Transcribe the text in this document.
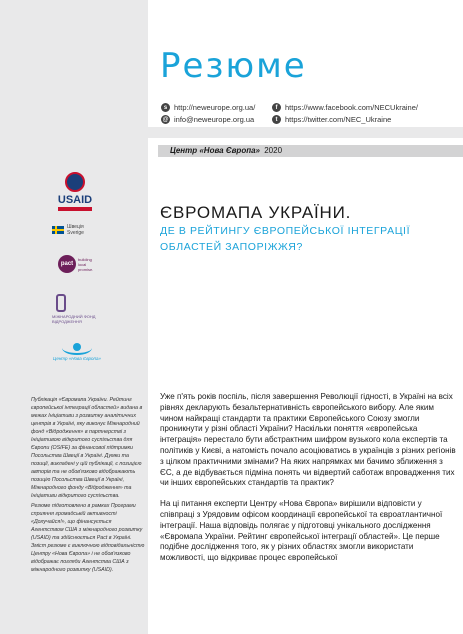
Резюме
s http://neweurope.org.ua/
@ info@neweurope.org.ua
f	https://www.facebook.com/NECUkraine/
t	https://twitter.com/NEC_Ukraine
Центр «Нова Європа» 2020
ЄВРОМАПА УКРАЇНИ.
ДЕ В РЕЙТИНГУ ЄВРОПЕЙСЬКОЇ ІНТЕГРАЦІЇ ОБЛАСТЕЙ ЗАПОРІЖЖЯ?
USAID
Швеція
Sverige
pact
building local promise.
МІЖНАРОДНИЙ ФОНД ВІДРОДЖЕННЯ
Центр «Нова Європа»

Публікація «Євромапа України. Рейтинг європейської інтеграції областей» видана в межах Ініціативи з розвитку аналітичних центрів в Україні, яку виконує Міжнародний фонд «Відродження» в партнерстві з Ініціативою відкритого суспільства для Європи (OSIFE) за фінансової підтримки Посольства Швеції в Україні. Думки та позиції, викладені у цій публікації, є позицією авторів та не обов'язково відображають позицію Посольства Швеції в Україні, Міжнародного фонду «Відродження» та Ініціативи відкритого суспільства.

Резюме підготовлено в рамках Програми сприяння громадській активності «Долучайся!», що фінансується Агентством США з міжнародного розвитку (USAID) та здійснюється Pact в Україні. Зміст резюме є виключною відповідальністю Центру «Нова Європа» і не обов'язково відображає погляди Агентства США з міжнародного розвитку (USAID).

Уже п'ять років поспіль, після завершення Революції гідності, в Україні на всіх рівнях декларують безальтернативність європейського вибору. Але яким чином найкращі стандарти та практики Європейського Союзу змогли проникнути у різні області України? Наскільки поняття «європейська інтеграція» перестало бути абстрактним шифром вузького кола експертів та політиків у Києві, а натомість почало асоціюватись в українців з різних регіонів з цілком практичними змінами? На яких напрямках ми бачимо зближення з ЄС, а де відбувається підміна понять чи відвертий саботаж впровадження тих чи інших європейських стандартів та практик?

На ці питання експерти Центру «Нова Європа» вирішили відповісти у співпраці з Урядовим офісом координації європейської та євроатлантичної інтеграції. Наша відповідь полягає у підготовці унікального дослідження «Євромапа України. Рейтинг європейської інтеграції областей». Це перше подібне дослідження того, як у різних областях змогли використати можливості, що відкриває процес європейської
